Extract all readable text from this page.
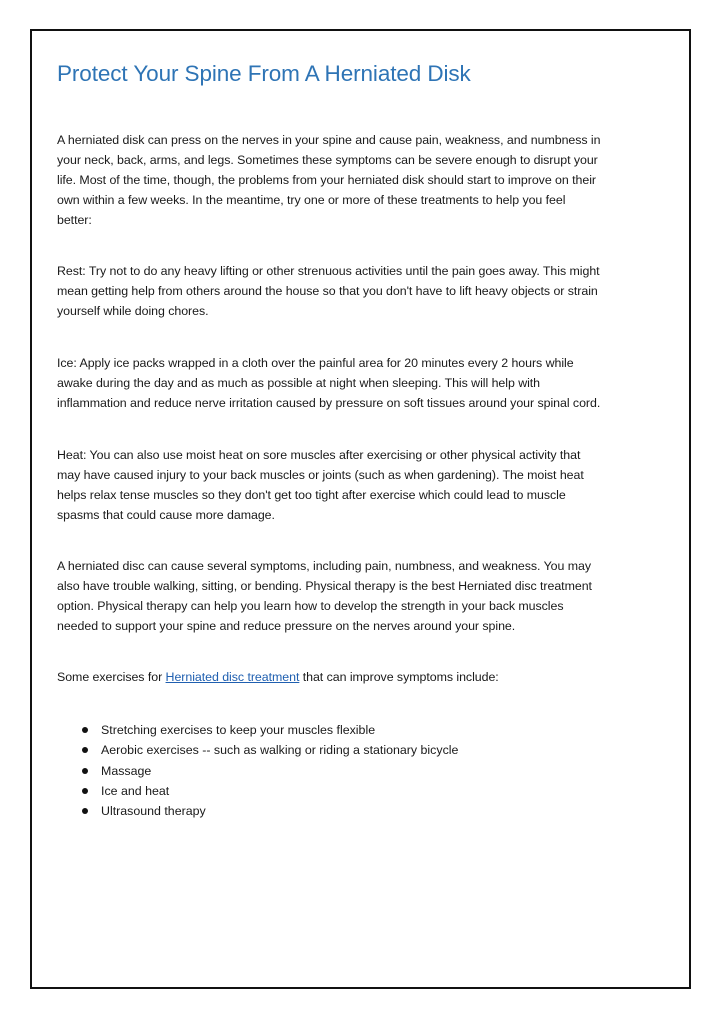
Protect Your Spine From A Herniated Disk

A herniated disk can press on the nerves in your spine and cause pain, weakness, and numbness in your neck, back, arms, and legs. Sometimes these symptoms can be severe enough to disrupt your life. Most of the time, though, the problems from your herniated disk should start to improve on their own within a few weeks. In the meantime, try one or more of these treatments to help you feel better:

Rest: Try not to do any heavy lifting or other strenuous activities until the pain goes away. This might mean getting help from others around the house so that you don't have to lift heavy objects or strain yourself while doing chores.

Ice: Apply ice packs wrapped in a cloth over the painful area for 20 minutes every 2 hours while awake during the day and as much as possible at night when sleeping. This will help with inflammation and reduce nerve irritation caused by pressure on soft tissues around your spinal cord.

Heat: You can also use moist heat on sore muscles after exercising or other physical activity that may have caused injury to your back muscles or joints (such as when gardening). The moist heat helps relax tense muscles so they don't get too tight after exercise which could lead to muscle spasms that could cause more damage.

A herniated disc can cause several symptoms, including pain, numbness, and weakness. You may also have trouble walking, sitting, or bending. Physical therapy is the best Herniated disc treatment option. Physical therapy can help you learn how to develop the strength in your back muscles needed to support your spine and reduce pressure on the nerves around your spine.

Some exercises for Herniated disc treatment that can improve symptoms include:

Stretching exercises to keep your muscles flexible
Aerobic exercises -- such as walking or riding a stationary bicycle
Massage
Ice and heat
Ultrasound therapy
